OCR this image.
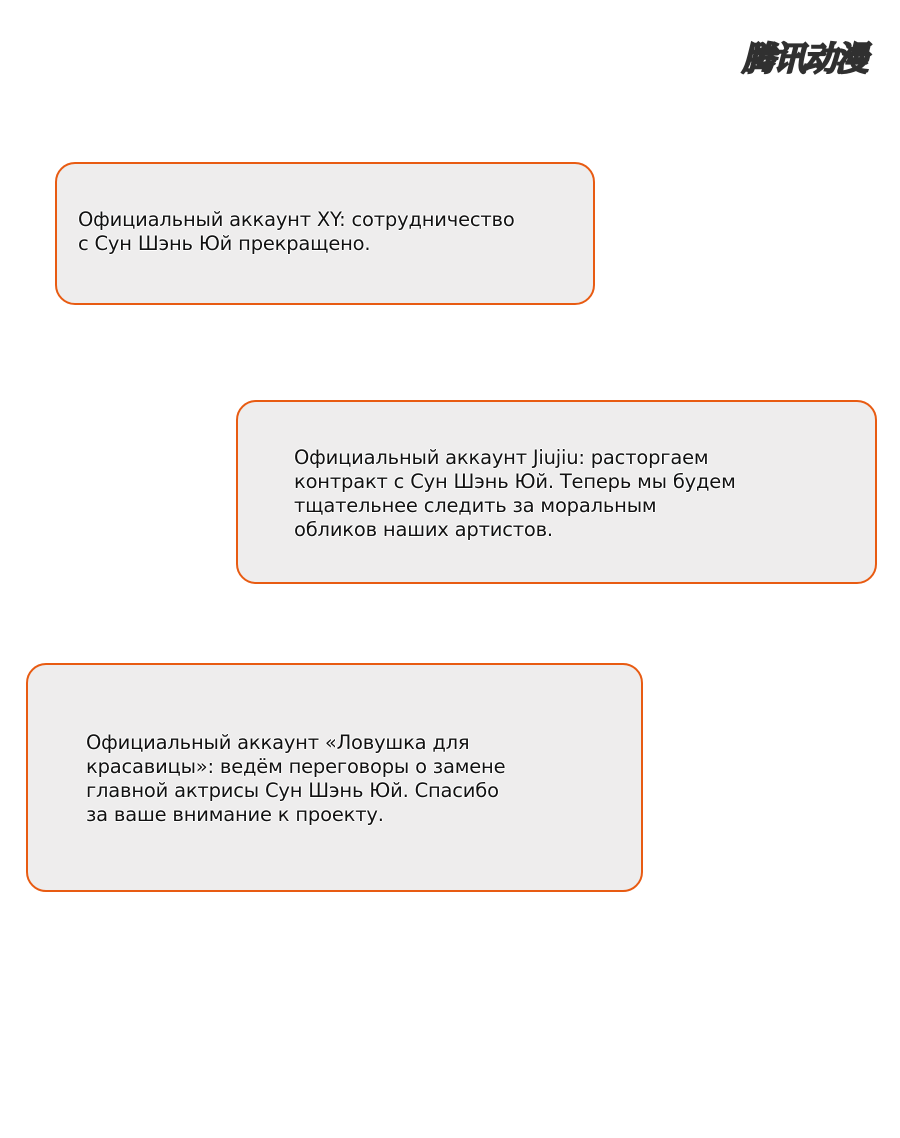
腾讯动漫

Официальный аккаунт XY: сотрудничество
с Сун Шэнь Юй прекращено.

Официальный аккаунт Jiujiu: расторгаем
контракт с Сун Шэнь Юй. Теперь мы будем
тщательнее следить за моральным
обликов наших артистов.

Официальный аккаунт «Ловушка для
красавицы»: ведём переговоры о замене
главной актрисы Сун Шэнь Юй. Спасибо
за ваше внимание к проекту.
